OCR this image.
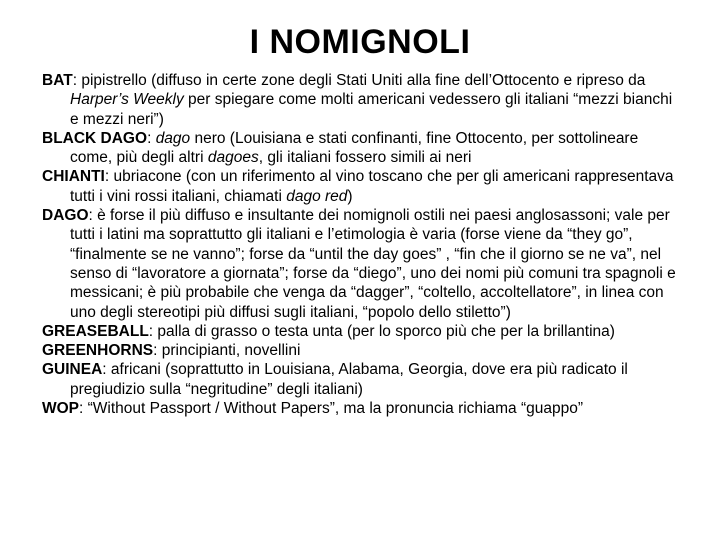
I NOMIGNOLI
BAT: pipistrello (diffuso in certe zone degli Stati Uniti alla fine dell’Ottocento e ripreso da Harper’s Weekly per spiegare come molti americani vedessero gli italiani “mezzi bianchi e mezzi neri”)
BLACK DAGO: dago nero (Louisiana e stati confinanti, fine Ottocento, per sottolineare come, più degli altri dagoes, gli italiani fossero simili ai neri
CHIANTI: ubriacone (con un riferimento al vino toscano che per gli americani rappresentava tutti i vini rossi italiani, chiamati dago red)
DAGO: è forse il più diffuso e insultante dei nomignoli ostili nei paesi anglosassoni; vale per tutti i latini ma soprattutto gli italiani e l’etimologia è varia (forse viene da “they go”, “finalmente se ne vanno”; forse da “until the day goes” , “fin che il giorno se ne va”, nel senso di “lavoratore a giornata”; forse da “diego”, uno dei nomi più comuni tra spagnoli e messicani; è più probabile che venga da “dagger”, “coltello, accoltellatore”, in linea con uno degli stereotipi più diffusi sugli italiani, “popolo dello stiletto”)
GREASEBALL: palla di grasso o testa unta (per lo sporco più che per la brillantina)
GREENHORNS: principianti, novellini
GUINEA: africani (soprattutto in Louisiana, Alabama, Georgia, dove era più radicato il pregiudizio sulla “negritudine” degli italiani)
WOP: “Without Passport / Without Papers”, ma la pronuncia richiama “guappo”
